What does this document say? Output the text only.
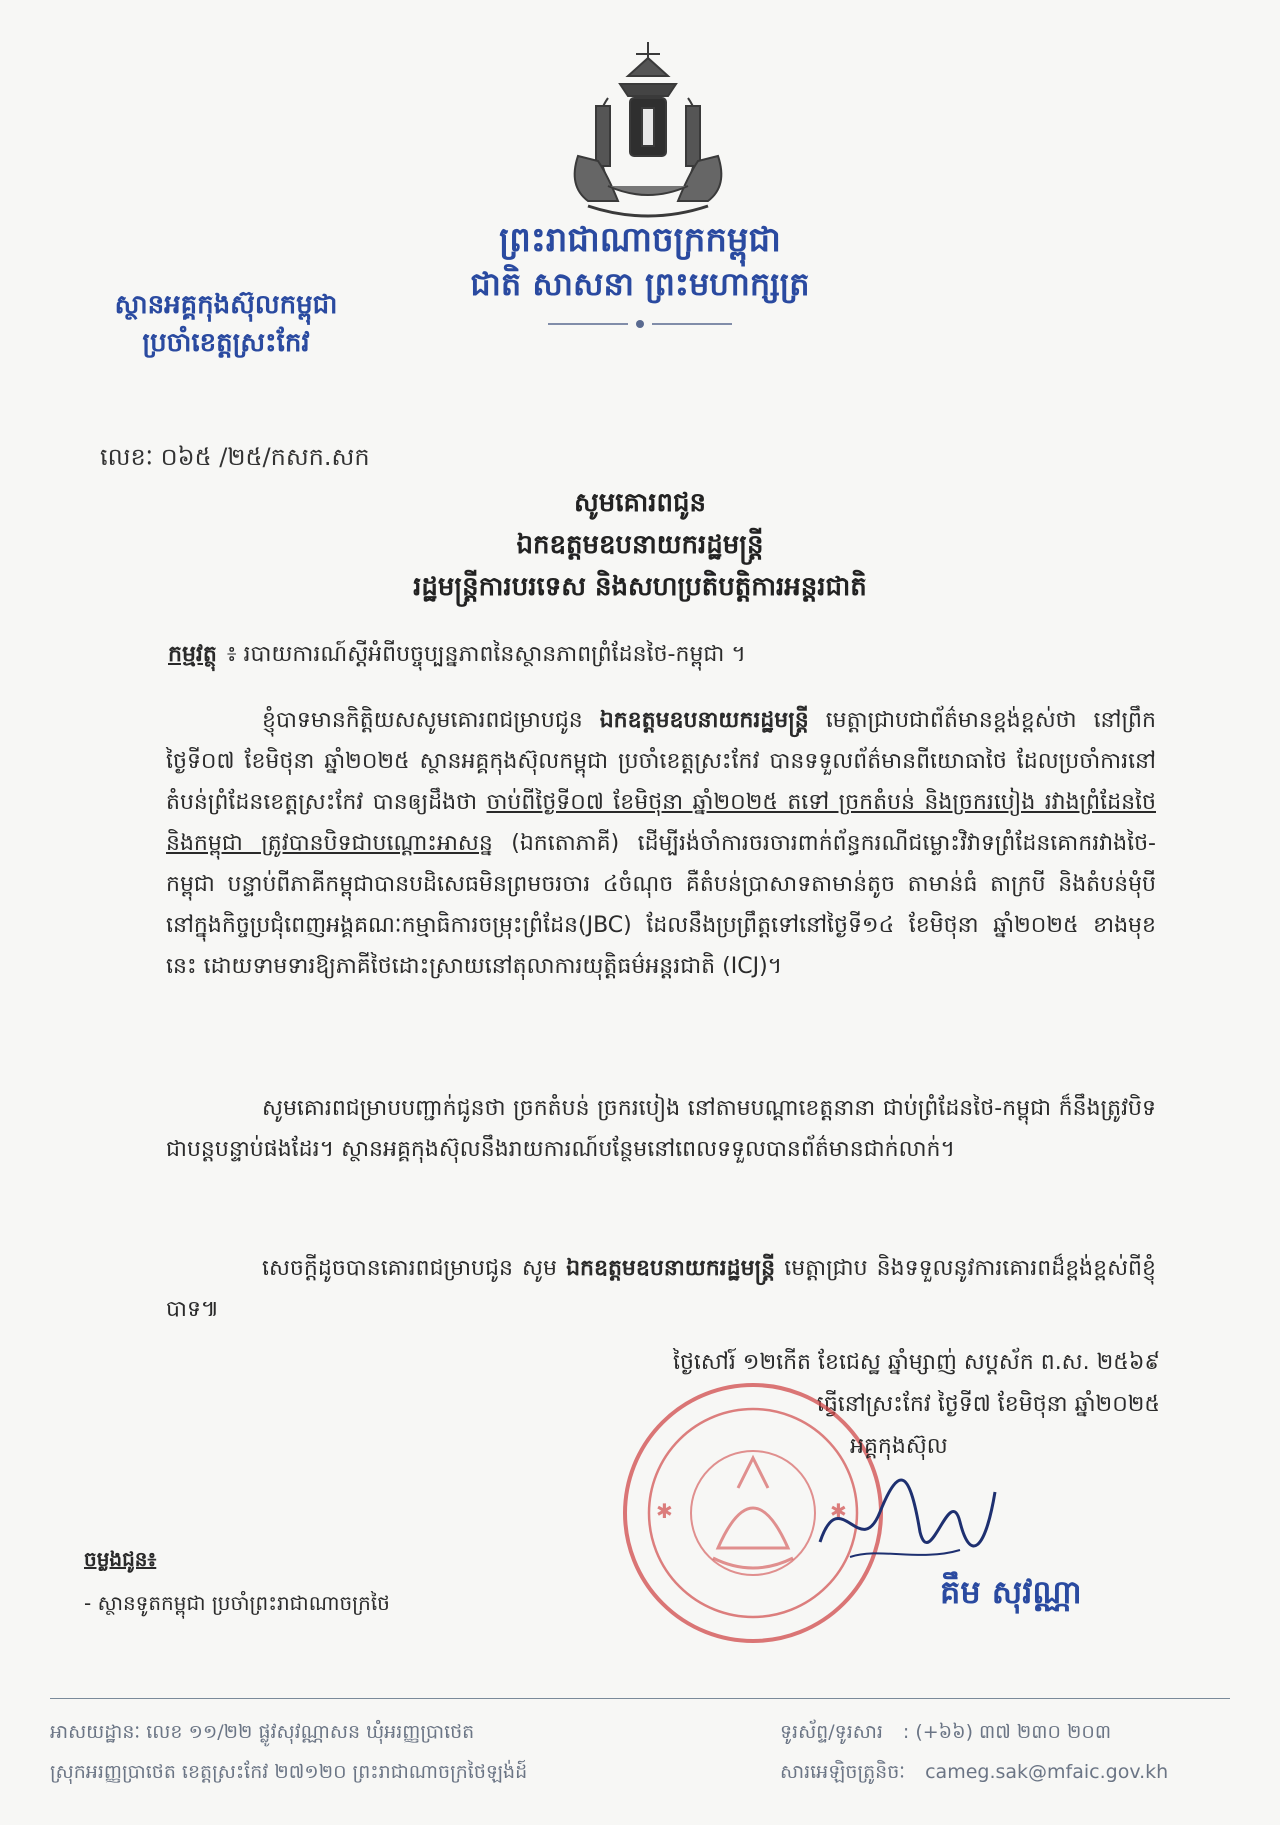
ព្រះរាជាណាចក្រកម្ពុជា
ជាតិ សាសនា ព្រះមហាក្សត្រ
ស្ថានអគ្គកុងស៊ុលកម្ពុជា
ប្រចាំខេត្តស្រះកែវ
លេខៈ ០៦៥ /២៥/កសក.សក
សូមគោរពជូន
ឯកឧត្តមឧបនាយករដ្ឋមន្ត្រី
រដ្ឋមន្ត្រីការបរទេស និងសហប្រតិបត្តិការអន្តរជាតិ
កម្មវត្ថុ ៖ របាយការណ៍ស្តីអំពីបច្ចុប្បន្នភាពនៃស្ថានភាពព្រំដែនថៃ-កម្ពុជា ។
ខ្ញុំបាទមានកិត្តិយសសូមគោរពជម្រាបជូន ឯកឧត្តមឧបនាយករដ្ឋមន្ត្រី មេត្តាជ្រាបជាព័ត៌មានខ្ពង់ខ្ពស់ថា នៅព្រឹកថ្ងៃទី០៧ ខែមិថុនា ឆ្នាំ២០២៥ ស្ថានអគ្គកុងស៊ុលកម្ពុជា ប្រចាំខេត្តស្រះកែវ បានទទួលព័ត៌មានពីយោធាថៃ ដែលប្រចាំការនៅតំបន់ព្រំដែនខេត្តស្រះកែវ បានឲ្យដឹងថា ចាប់ពីថ្ងៃទី០៧ ខែមិថុនា ឆ្នាំ២០២៥ តទៅ ច្រកតំបន់ និងច្រករបៀង រវាងព្រំដែនថៃ និងកម្ពុជា ត្រូវបានបិទជាបណ្តោះអាសន្ន (ឯកតោភាគី) ដើម្បីរង់ចាំការចរចារពាក់ព័ន្ធករណីជម្លោះវិវាទព្រំដែនគោករវាងថៃ-កម្ពុជា បន្ទាប់ពីភាគីកម្ពុជាបានបដិសេធមិនព្រមចរចារ ៤ចំណុច គឺតំបន់ប្រាសាទតាមាន់តូច តាមាន់ធំ តាក្របី និងតំបន់មុំបី នៅក្នុងកិច្ចប្រជុំពេញអង្គគណៈកម្មាធិការចម្រុះព្រំដែន(JBC) ដែលនឹងប្រព្រឹត្តទៅនៅថ្ងៃទី១៤ ខែមិថុនា ឆ្នាំ២០២៥ ខាងមុខនេះ ដោយទាមទារឱ្យភាគីថៃដោះស្រាយនៅតុលាការយុត្តិធម៌អន្តរជាតិ (ICJ)។
សូមគោរពជម្រាបបញ្ជាក់ជូនថា ច្រកតំបន់ ច្រករបៀង នៅតាមបណ្តាខេត្តនានា ជាប់ព្រំដែនថៃ-កម្ពុជា ក៏នឹងត្រូវបិទជាបន្តបន្ទាប់ផងដែរ។ ស្ថានអគ្គកុងស៊ុលនឹងរាយការណ៍បន្ថែមនៅពេលទទួលបានព័ត៌មានជាក់លាក់។
សេចក្តីដូចបានគោរពជម្រាបជូន សូម ឯកឧត្តមឧបនាយករដ្ឋមន្ត្រី មេត្តាជ្រាប និងទទួលនូវការគោរពដ៏ខ្ពង់ខ្ពស់ពីខ្ញុំបាទ៕
ថ្ងៃសៅរ៍ ១២កើត ខែជេស្ឋ ឆ្នាំម្សាញ់ សប្តស័ក ព.ស. ២៥៦៩
ធ្វើនៅស្រះកែវ ថ្ងៃទី៧ ខែមិថុនា ឆ្នាំ២០២៥
✱	✱
អគ្គកុងស៊ុល
គឹម សុវណ្ណា
ចម្លងជូន៖
- ស្ថានទូតកម្ពុជា ប្រចាំព្រះរាជាណាចក្រថៃ
អាសយដ្ឋានៈ លេខ ១១/២២ ផ្លូវសុវណ្ណាសន ឃុំអរញ្ញប្រាថេត
ស្រុកអរញ្ញប្រាថេត ខេត្តស្រះកែវ ២៧១២០ ព្រះរាជាណាចក្រថៃឡង់ដ៍
ទូរស័ព្ទ/ទូរសារ : (+៦៦) ៣៧ ២៣០ ២០៣
សារអេឡិចត្រូនិចៈ cameg.sak@mfaic.gov.kh
